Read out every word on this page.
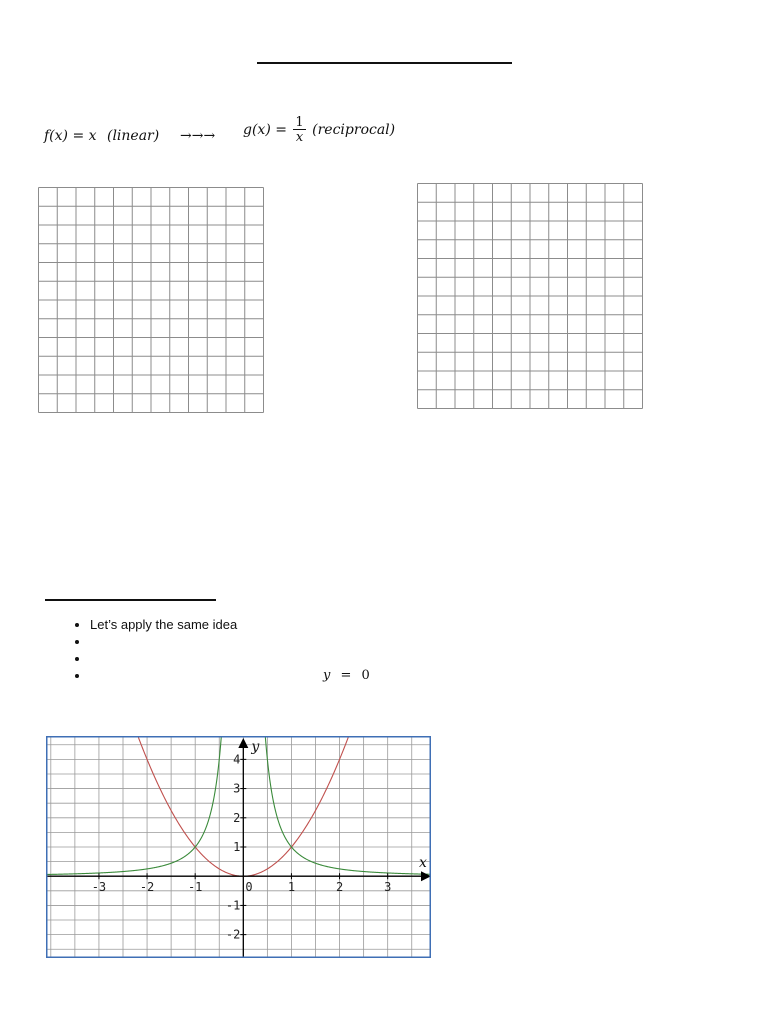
f(x) = x (linear) →→→ $g(x) = \frac{1}{x}$ (reciprocal)
• Let’s apply the same idea
•
•
•
y = 0
-3	-2	-1	0	1	2	3
4
3
2
1
-1
-2
x
y
